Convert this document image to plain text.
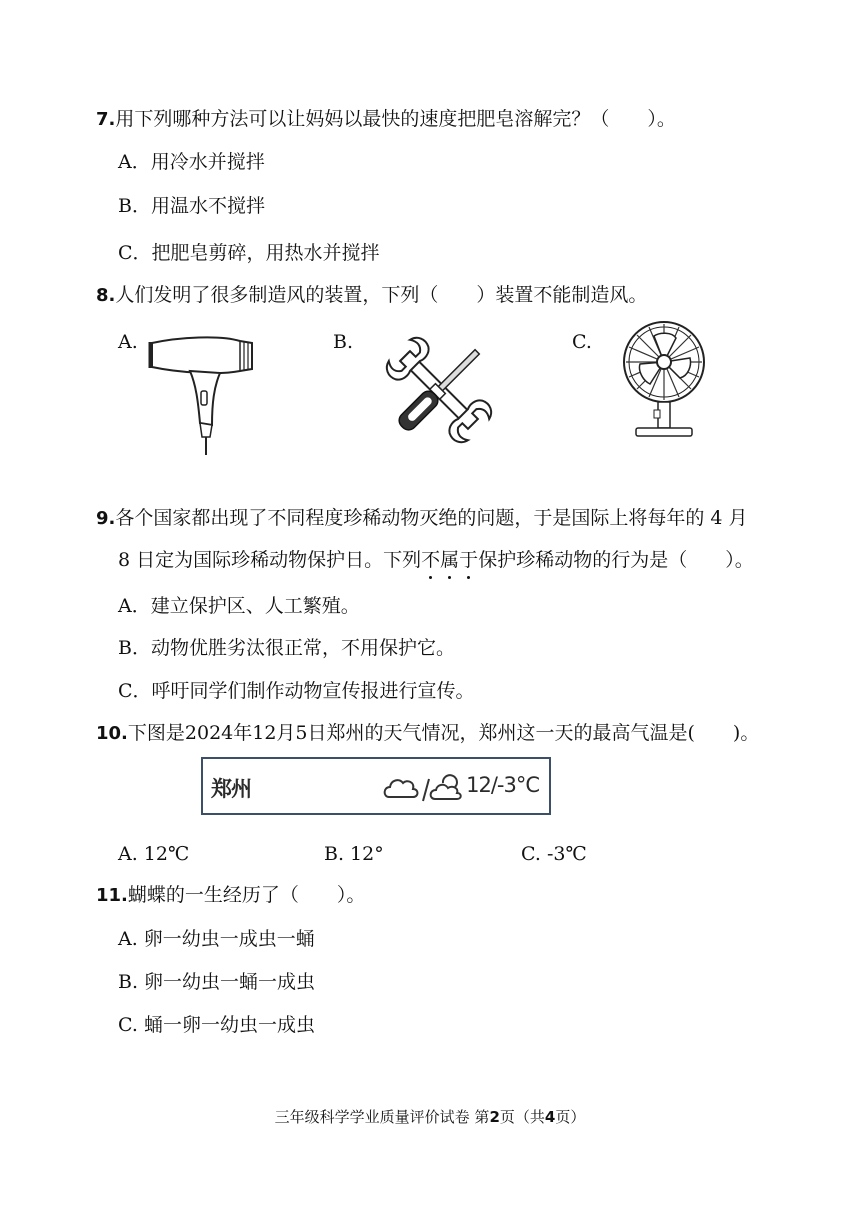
7.用下列哪种方法可以让妈妈以最快的速度把肥皂溶解完？（　　）。
A．用冷水并搅拌
B．用温水不搅拌
C．把肥皂剪碎，用热水并搅拌
8.人们发明了很多制造风的装置，下列（　　）装置不能制造风。
A.	B.	C.
9.各个国家都出现了不同程度珍稀动物灭绝的问题，于是国际上将每年的 4 月
8 日定为国际珍稀动物保护日。下列不属于保护珍稀动物的行为是（　　）。
A．建立保护区、人工繁殖。
B．动物优胜劣汰很正常，不用保护它。
C．呼吁同学们制作动物宣传报进行宣传。
10.下图是2024年12月5日郑州的天气情况，郑州这一天的最高气温是(　　)。
郑州	12/-3°C
A. 12℃	B. 12°	C. -3℃
11.蝴蝶的一生经历了（　　）。
A. 卵一幼虫一成虫一蛹
B. 卵一幼虫一蛹一成虫
C. 蛹一卵一幼虫一成虫
三年级科学学业质量评价试卷 第2页（共4页）
